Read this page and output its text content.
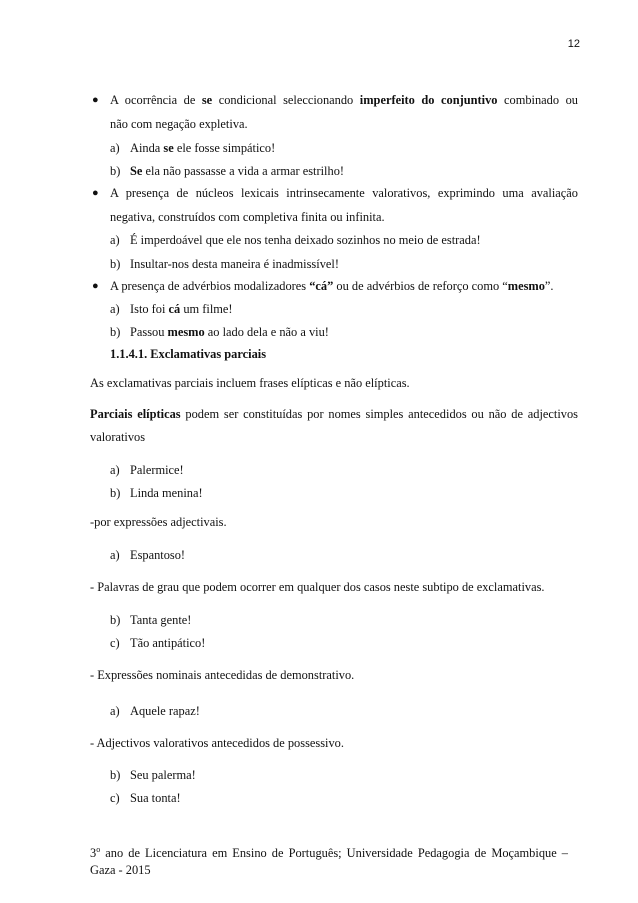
12
● A ocorrência de se condicional seleccionando imperfeito do conjuntivo combinado ou
não com negação expletiva.
a) Ainda se ele fosse simpático!
b) Se ela não passasse a vida a armar estrilho!
● A presença de núcleos lexicais intrinsecamente valorativos, exprimindo uma avaliação
negativa, construídos com completiva finita ou infinita.
a) É imperdoável que ele nos tenha deixado sozinhos no meio de estrada!
b) Insultar-nos desta maneira é inadmissível!
● A presença de advérbios modalizadores “cá” ou de advérbios de reforço como “mesmo”.
a) Isto foi cá um filme!
b) Passou mesmo ao lado dela e não a viu!
1.1.4.1. Exclamativas parciais
As exclamativas parciais incluem frases elípticas e não elípticas.
Parciais elípticas podem ser constituídas por nomes simples antecedidos ou não de adjectivos
valorativos
a) Palermice!
b) Linda menina!
-por expressões adjectivais.
a) Espantoso!
- Palavras de grau que podem ocorrer em qualquer dos casos neste subtipo de exclamativas.
b) Tanta gente!
c) Tão antipático!
- Expressões nominais antecedidas de demonstrativo.
a) Aquele rapaz!
- Adjectivos valorativos antecedidos de possessivo.
b) Seu palerma!
c) Sua tonta!
3$^o$ ano de Licenciatura em Ensino de Português; Universidade Pedagogia de Moçambique –
Gaza - 2015
